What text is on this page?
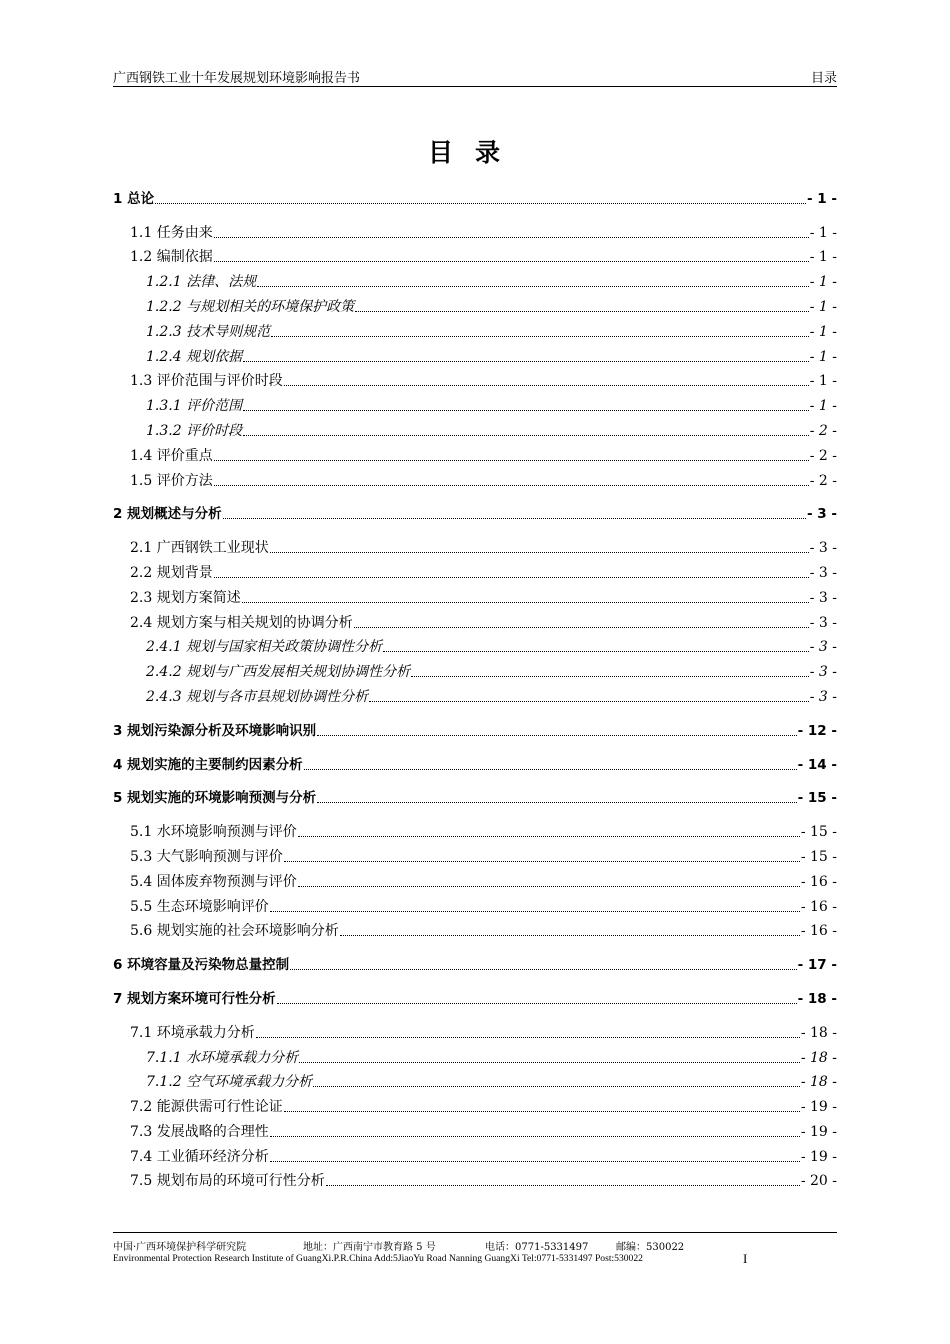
广西钢铁工业十年发展规划环境影响报告书	目录
目录
1 总论	- 1 -
1.1 任务由来	- 1 -
1.2 编制依据	- 1 -
1.2.1 法律、法规	- 1 -
1.2.2 与规划相关的环境保护政策	- 1 -
1.2.3 技术导则规范	- 1 -
1.2.4 规划依据	- 1 -
1.3 评价范围与评价时段	- 1 -
1.3.1 评价范围	- 1 -
1.3.2 评价时段	- 2 -
1.4 评价重点	- 2 -
1.5 评价方法	- 2 -
2 规划概述与分析	- 3 -
2.1 广西钢铁工业现状	- 3 -
2.2 规划背景	- 3 -
2.3 规划方案简述	- 3 -
2.4 规划方案与相关规划的协调分析	- 3 -
2.4.1 规划与国家相关政策协调性分析	- 3 -
2.4.2 规划与广西发展相关规划协调性分析	- 3 -
2.4.3 规划与各市县规划协调性分析	- 3 -
3 规划污染源分析及环境影响识别	- 12 -
4 规划实施的主要制约因素分析	- 14 -
5 规划实施的环境影响预测与分析	- 15 -
5.1 水环境影响预测与评价	- 15 -
5.3 大气影响预测与评价	- 15 -
5.4 固体废弃物预测与评价	- 16 -
5.5 生态环境影响评价	- 16 -
5.6 规划实施的社会环境影响分析	- 16 -
6 环境容量及污染物总量控制	- 17 -
7 规划方案环境可行性分析	- 18 -
7.1 环境承载力分析	- 18 -
7.1.1 水环境承载力分析	- 18 -
7.1.2 空气环境承载力分析	- 18 -
7.2 能源供需可行性论证	- 19 -
7.3 发展战略的合理性	- 19 -
7.4 工业循环经济分析	- 19 -
7.5 规划布局的环境可行性分析	- 20 -
中国·广西环境保护科学研究院	地址：广西南宁市教育路 5 号	电话：0771-5331497	邮编：530022
Environmental Protection Research Institute of GuangXi.P.R.China Add:5JiaoYu Road Nanning GuangXi Tel:0771-5331497 Post:530022	I
